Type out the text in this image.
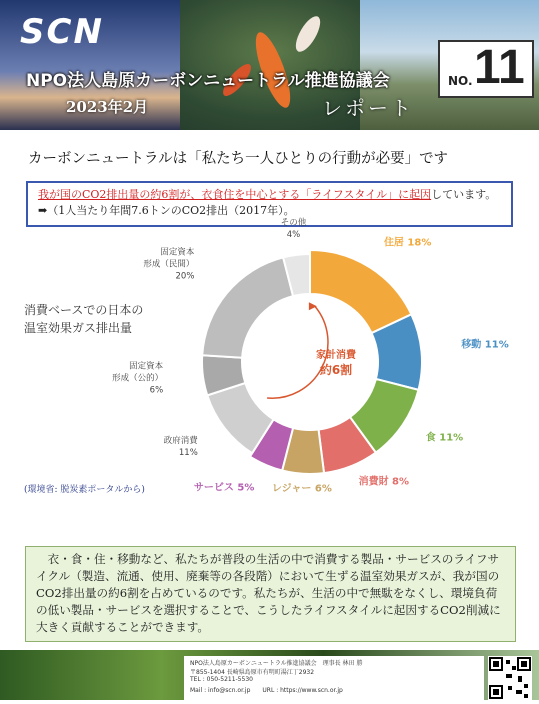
SCN
NPO法人島原カーボンニュートラル推進協議会
2023年2月	レポート
NO. 11
カーボンニュートラルは「私たち一人ひとりの行動が必要」です
我が国のCO2排出量の約6割が、衣食住を中心とする「ライフスタイル」に起因しています。 ➡（1人当たり年間7.6トンのCO2排出（2017年）。
消費ベースでの日本の
温室効果ガス排出量
(環境省: 脱炭素ポータルから)
住居 18%
移動 11%
食 11%
消費財 8%
レジャー 6%
サービス 5%
政府消費 11%
固定資本形成（公的） 6%
固定資本形成（民間） 20%
その他 4%
家計消費
約6割
衣・食・住・移動など、私たちが普段の生活の中で消費する製品・サービスのライフサイクル（製造、流通、使用、廃棄等の各段階）において生ずる温室効果ガスが、我が国のCO2排出量の約6割を占めているのです。私たちが、生活の中で無駄をなくし、環境負荷の低い製品・サービスを選択することで、こうしたライフスタイルに起因するCO2削減に大きく貢献することができます。
NPO法人島原カーボンニュートラル推進協議会　理事長 林田 勝
〒855-1404 長崎県島原市有明町湯江丁2932
TEL : 050-5211-5530
Mail : info@scn.or.jp　　URL : https://www.scn.or.jp
